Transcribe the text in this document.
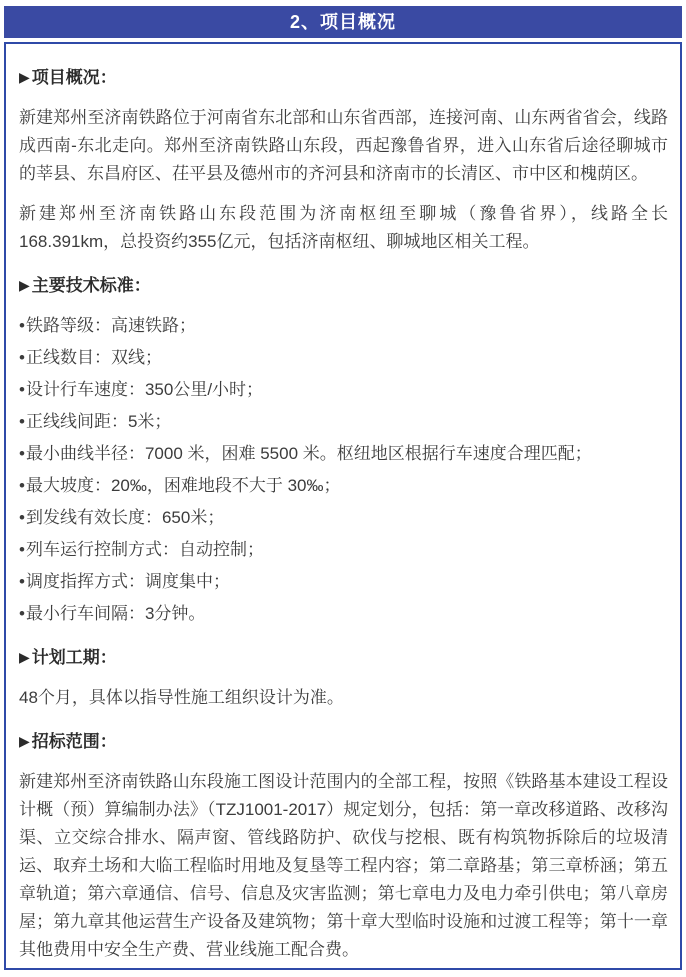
2、项目概况

▶ 项目概况：

新建郑州至济南铁路位于河南省东北部和山东省西部，连接河南、山东两省省会，线路成西南-东北走向。郑州至济南铁路山东段，西起豫鲁省界，进入山东省后途径聊城市的莘县、东昌府区、茌平县及德州市的齐河县和济南市的长清区、市中区和槐荫区。

新建郑州至济南铁路山东段范围为济南枢纽至聊城（豫鲁省界），线路全长168.391km，总投资约355亿元，包括济南枢纽、聊城地区相关工程。

▶ 主要技术标准：

•铁路等级：高速铁路；

•正线数目：双线；

•设计行车速度：350公里/小时；

•正线线间距：5米；

•最小曲线半径：7000 米，困难 5500 米。枢纽地区根据行车速度合理匹配；

•最大坡度：20‰，困难地段不大于 30‰；

•到发线有效长度：650米；

•列车运行控制方式：自动控制；

•调度指挥方式：调度集中；

•最小行车间隔：3分钟。

▶ 计划工期：

48个月，具体以指导性施工组织设计为准。

▶ 招标范围：

新建郑州至济南铁路山东段施工图设计范围内的全部工程，按照《铁路基本建设工程设计概（预）算编制办法》（TZJ1001-2017）规定划分，包括：第一章改移道路、改移沟渠、立交综合排水、隔声窗、管线路防护、砍伐与挖根、既有构筑物拆除后的垃圾清运、取弃土场和大临工程临时用地及复垦等工程内容；第二章路基；第三章桥涵；第五章轨道；第六章通信、信号、信息及灾害监测；第七章电力及电力牵引供电；第八章房屋；第九章其他运营生产设备及建筑物；第十章大型临时设施和过渡工程等；第十一章其他费用中安全生产费、营业线施工配合费。
